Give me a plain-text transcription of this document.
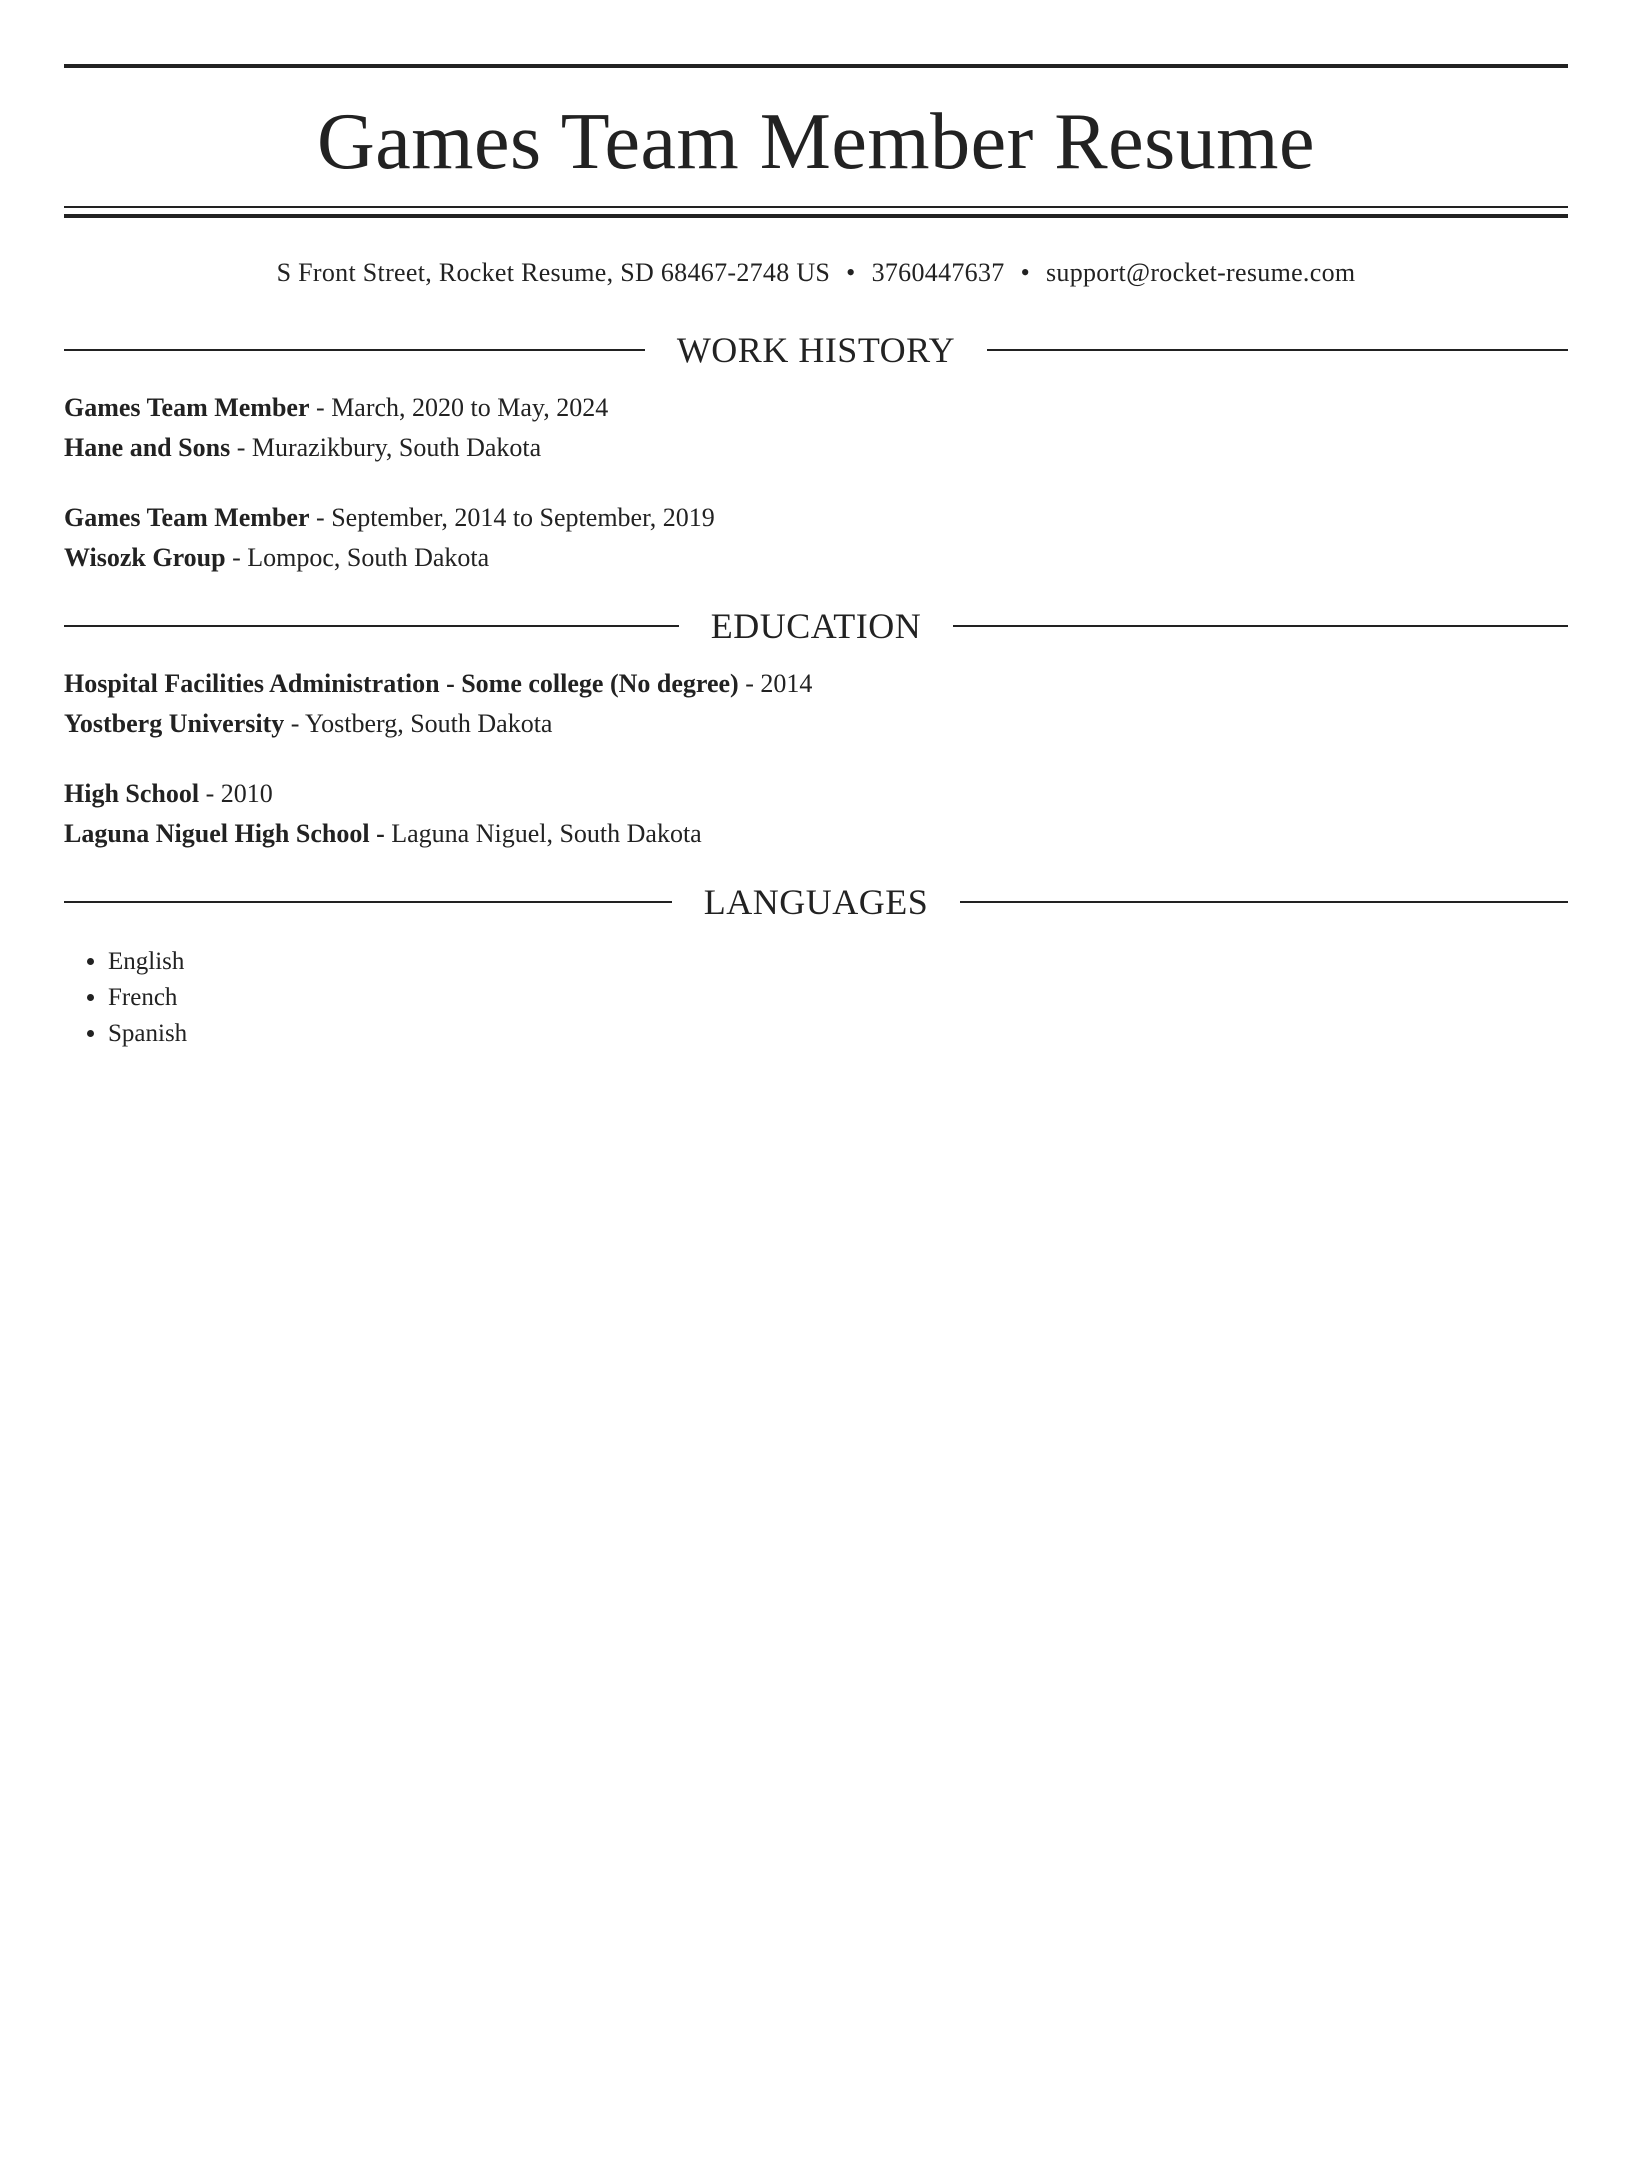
Games Team Member Resume
S Front Street, Rocket Resume, SD 68467-2748 US • 3760447637 • support@rocket-resume.com
WORK HISTORY
Games Team Member - March, 2020 to May, 2024
Hane and Sons - Murazikbury, South Dakota
Games Team Member - September, 2014 to September, 2019
Wisozk Group - Lompoc, South Dakota
EDUCATION
Hospital Facilities Administration - Some college (No degree) - 2014
Yostberg University - Yostberg, South Dakota
High School - 2010
Laguna Niguel High School - Laguna Niguel, South Dakota
LANGUAGES
• English
• French
• Spanish
